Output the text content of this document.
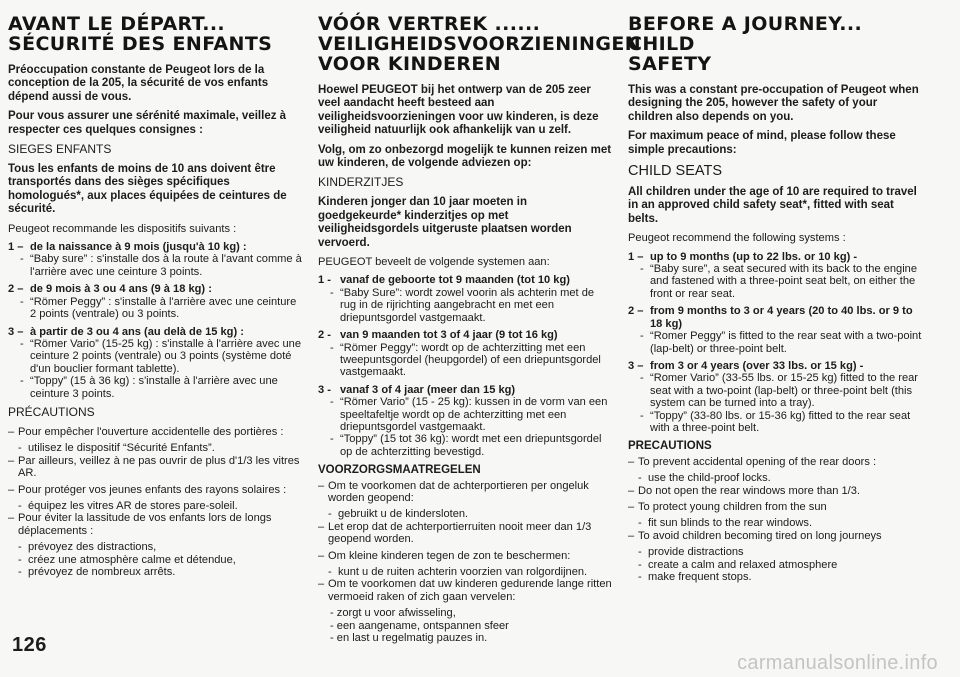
AVANT LE DÉPART...
SÉCURITÉ DES ENFANTS

Préoccupation constante de Peugeot lors de la conception de la 205, la sécurité de vos enfants dépend aussi de vous.

Pour vous assurer une sérénité maximale, veillez à respecter ces quelques consignes :

SIEGES ENFANTS

Tous les enfants de moins de 10 ans doivent être transportés dans des sièges spécifiques homologués*, aux places équipées de ceintures de sécurité.

Peugeot recommande les dispositifs suivants :

1 – de la naissance à 9 mois (jusqu'à 10 kg) :
- “Baby sure” : s'installe dos à la route à l'avant comme à l'arrière avec une ceinture 3 points.
2 – de 9 mois à 3 ou 4 ans (9 à 18 kg) :
- “Römer Peggy” : s'installe à l'arrière avec une ceinture 2 points (ventrale) ou 3 points.
3 – à partir de 3 ou 4 ans (au delà de 15 kg) :
- “Römer Vario” (15-25 kg) : s'installe à l'arrière avec une ceinture 2 points (ventrale) ou 3 points (système doté d'un bouclier formant tablette).
- “Toppy” (15 à 36 kg) : s'installe à l'arrière avec une ceinture 3 points.
PRÉCAUTIONS
– Pour empêcher l'ouverture accidentelle des portières :
- utilisez le dispositif “Sécurité Enfants”.
– Par ailleurs, veillez à ne pas ouvrir de plus d'1/3 les vitres AR.
– Pour protéger vos jeunes enfants des rayons solaires :
- équipez les vitres AR de stores pare-soleil.
– Pour éviter la lassitude de vos enfants lors de longs déplacements :
- prévoyez des distractions,
- créez une atmosphère calme et détendue,
- prévoyez de nombreux arrêts.
VÓÓR VERTREK ......
VEILIGHEIDSVOORZIENINGEN
VOOR KINDEREN

Hoewel PEUGEOT bij het ontwerp van de 205 zeer veel aandacht heeft besteed aan veiligheidsvoorzieningen voor uw kinderen, is deze veiligheid natuurlijk ook afhankelijk van u zelf.

Volg, om zo onbezorgd mogelijk te kunnen reizen met uw kinderen, de volgende adviezen op:

KINDERZITJES

Kinderen jonger dan 10 jaar moeten in goedgekeurde* kinderzitjes op met veiligheidsgordels uitgeruste plaatsen worden vervoerd.

PEUGEOT beveelt de volgende systemen aan:

1 - vanaf de geboorte tot 9 maanden (tot 10 kg)
- “Baby Sure”: wordt zowel voorin als achterin met de rug in de rijrichting aangebracht en met een driepuntsgordel vastgemaakt.
2 - van 9 maanden tot 3 of 4 jaar (9 tot 16 kg)
- “Römer Peggy”: wordt op de achterzitting met een tweepuntsgordel (heupgordel) of een driepuntsgordel vastgemaakt.
3 - vanaf 3 of 4 jaar (meer dan 15 kg)
- “Römer Vario” (15 - 25 kg): kussen in de vorm van een speeltafeltje wordt op de achterzitting met een driepuntsgordel vastgemaakt.
- “Toppy” (15 tot 36 kg): wordt met een driepuntsgordel op de achterzitting bevestigd.
VOORZORGSMAATREGELEN
– Om te voorkomen dat de achterportieren per ongeluk worden geopend:
- gebruikt u de kindersloten.
– Let erop dat de achterportierruiten nooit meer dan 1/3 geopend worden.
– Om kleine kinderen tegen de zon te beschermen:
- kunt u de ruiten achterin voorzien van rolgordijnen.
– Om te voorkomen dat uw kinderen gedurende lange ritten vermoeid raken of zich gaan vervelen:
- zorgt u voor afwisseling,
- een aangename, ontspannen sfeer
- en last u regelmatig pauzes in.
BEFORE A JOURNEY... CHILD
SAFETY

This was a constant pre-occupation of Peugeot when designing the 205, however the safety of your children also depends on you.

For maximum peace of mind, please follow these simple precautions:

CHILD SEATS

All children under the age of 10 are required to travel in an approved child safety seat*, fitted with seat belts.

Peugeot recommend the following systems :

1 – up to 9 months (up to 22 lbs. or 10 kg) -
- “Baby sure”, a seat secured with its back to the engine and fastened with a three-point seat belt, on either the front or rear seat.
2 – from 9 months to 3 or 4 years (20 to 40 lbs. or 9 to 18 kg)
- “Romer Peggy” is fitted to the rear seat with a two-point (lap-belt) or three-point belt.
3 – from 3 or 4 years (over 33 lbs. or 15 kg) -
- “Romer Vario” (33-55 lbs. or 15-25 kg) fitted to the rear seat with a two-point (lap-belt) or three-point belt (this system can be turned into a tray).
- “Toppy” (33-80 lbs. or 15-36 kg) fitted to the rear seat with a three-point belt.
PRECAUTIONS
– To prevent accidental opening of the rear doors :
- use the child-proof locks.
– Do not open the rear windows more than 1/3.
– To protect young children from the sun
- fit sun blinds to the rear windows.
– To avoid children becoming tired on long journeys
- provide distractions
- create a calm and relaxed atmosphere
- make frequent stops.
126
carmanualsonline.info
